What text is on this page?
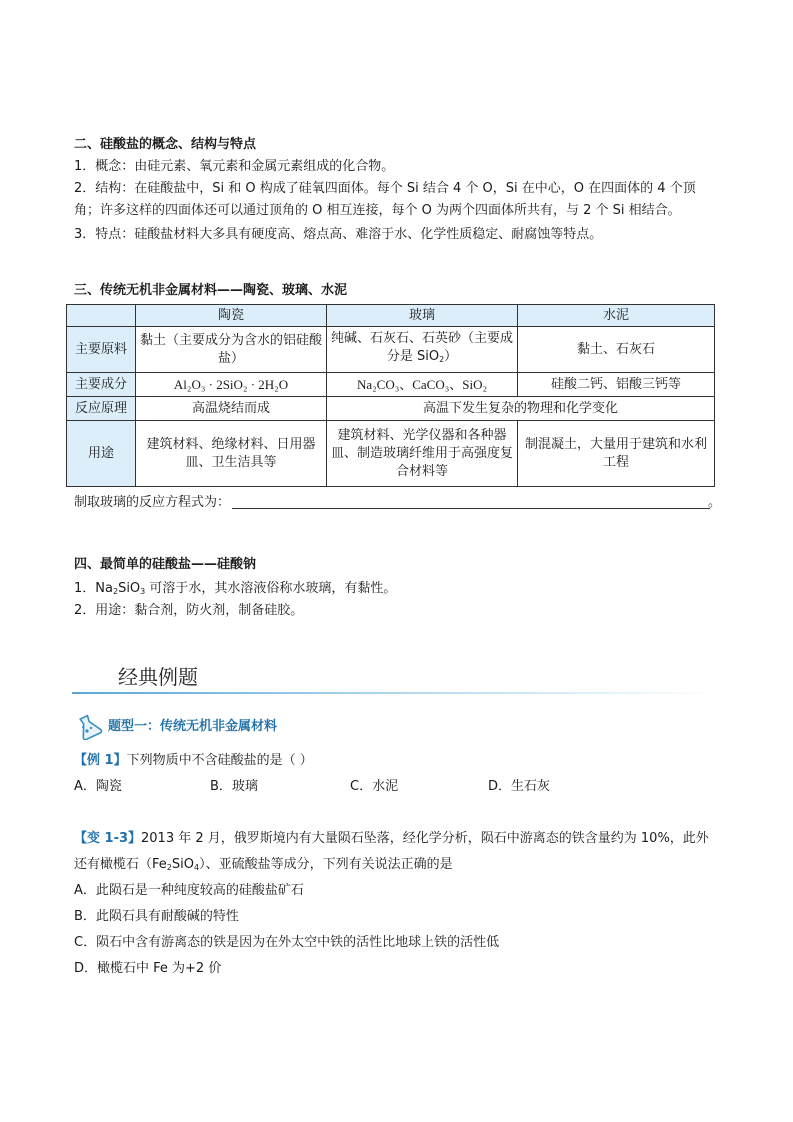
二、硅酸盐的概念、结构与特点
1．概念：由硅元素、氧元素和金属元素组成的化合物。
2．结构：在硅酸盐中，Si 和 O 构成了硅氧四面体。每个 Si 结合 4 个 O，Si 在中心，O 在四面体的 4 个顶
角；许多这样的四面体还可以通过顶角的 O 相互连接，每个 O 为两个四面体所共有，与 2 个 Si 相结合。
3．特点：硅酸盐材料大多具有硬度高、熔点高、难溶于水、化学性质稳定、耐腐蚀等特点。
三、传统无机非金属材料——陶瓷、玻璃、水泥
	陶瓷	玻璃	水泥
主要原料	黏土（主要成分为含水的铝硅酸盐）	纯碱、石灰石、石英砂（主要成分是 SiO$_2$）	黏土、石灰石
主要成分	Al₂O₃ · 2SiO₂ · 2H₂O	Na₂CO₃、CaCO₃、SiO₂	硅酸二钙、铝酸三钙等
反应原理	高温烧结而成	高温下发生复杂的物理和化学变化	
用途	建筑材料、绝缘材料、日用器皿、卫生洁具等	建筑材料、光学仪器和各种器皿、制造玻璃纤维用于高强度复合材料等	制混凝土，大量用于建筑和水利工程
制取玻璃的反应方程式为：	。
四、最简单的硅酸盐——硅酸钠
1．$Na_2SiO_3$ 可溶于水，其水溶液俗称水玻璃，有黏性。
2．用途：黏合剂，防火剂，制备硅胶。
经典例题
题型一：传统无机非金属材料
【例 1】下列物质中不含硅酸盐的是（ ）
A．陶瓷	B．玻璃	C．水泥	D．生石灰
【变 1-3】2013 年 2 月，俄罗斯境内有大量陨石坠落，经化学分析，陨石中游离态的铁含量约为 10%，此外
还有橄榄石$(Fe_2SiO_4)$、亚硫酸盐等成分，下列有关说法正确的是
A．此陨石是一种纯度较高的硅酸盐矿石
B．此陨石具有耐酸碱的特性
C．陨石中含有游离态的铁是因为在外太空中铁的活性比地球上铁的活性低
D．橄榄石中 Fe 为+2 价
